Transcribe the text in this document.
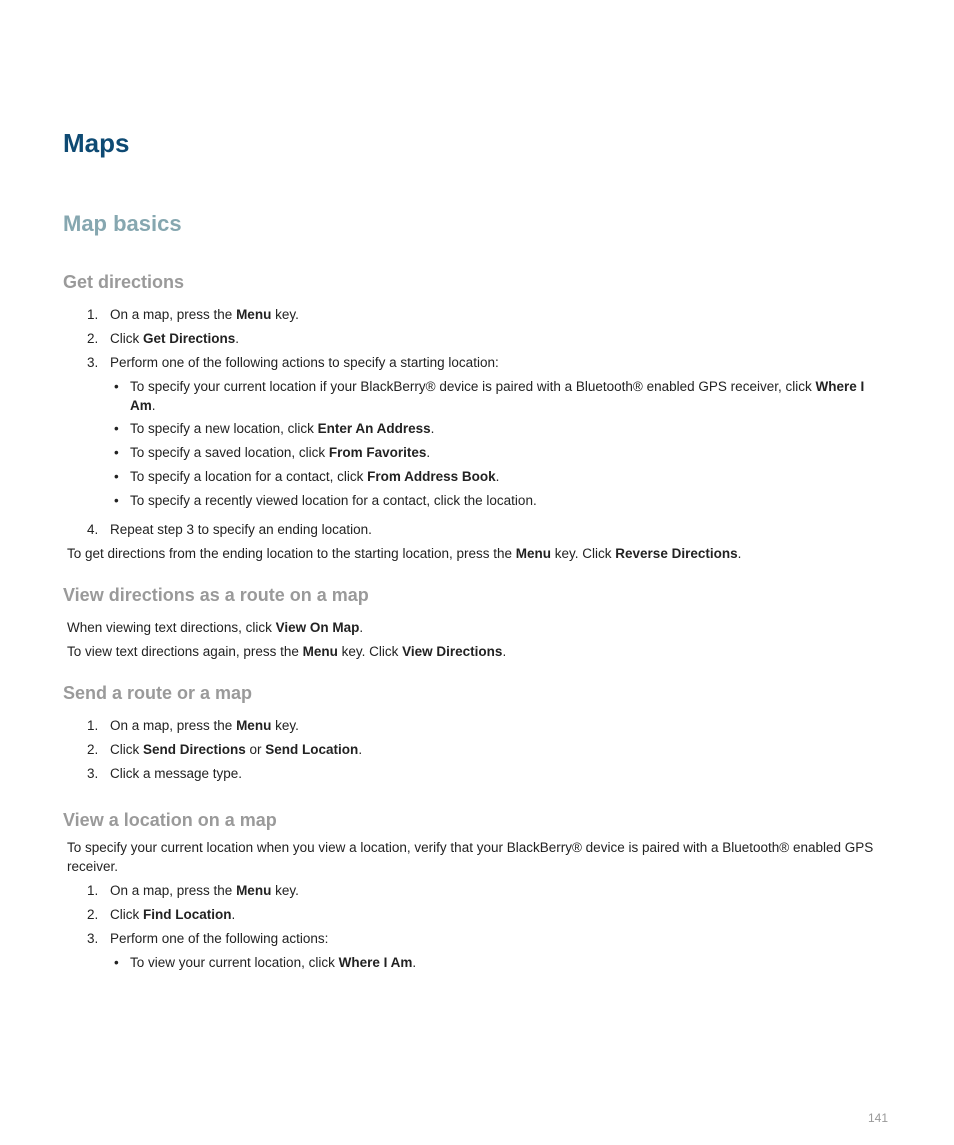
Maps
Map basics
Get directions
1. On a map, press the Menu key.
2. Click Get Directions.
3. Perform one of the following actions to specify a starting location:
• To specify your current location if your BlackBerry® device is paired with a Bluetooth® enabled GPS receiver, click Where I
Am.
• To specify a new location, click Enter An Address.
• To specify a saved location, click From Favorites.
• To specify a location for a contact, click From Address Book.
• To specify a recently viewed location for a contact, click the location.
4. Repeat step 3 to specify an ending location.
To get directions from the ending location to the starting location, press the Menu key. Click Reverse Directions.
View directions as a route on a map
When viewing text directions, click View On Map.
To view text directions again, press the Menu key. Click View Directions.
Send a route or a map
1. On a map, press the Menu key.
2. Click Send Directions or Send Location.
3. Click a message type.
View a location on a map
To specify your current location when you view a location, verify that your BlackBerry® device is paired with a Bluetooth® enabled GPS
receiver.
1. On a map, press the Menu key.
2. Click Find Location.
3. Perform one of the following actions:
• To view your current location, click Where I Am.
141
